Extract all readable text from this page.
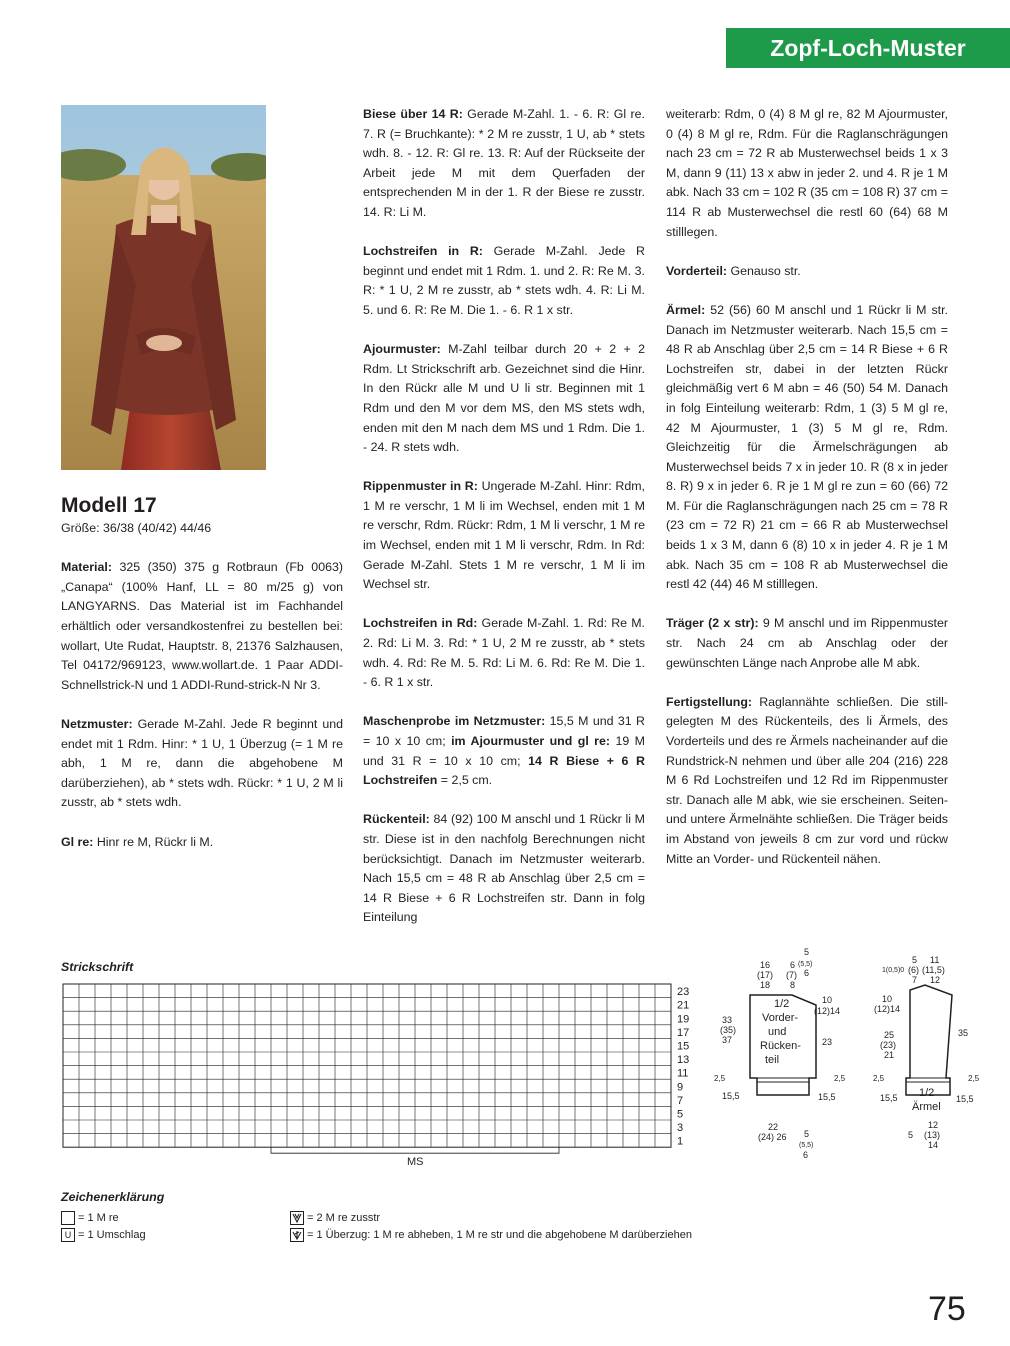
Zopf-Loch-Muster
Modell 17
Größe: 36/38 (40/42) 44/46

Material: 325 (350) 375 g Rotbraun (Fb 0063) „Canapa“ (100% Hanf, LL = 80 m/25 g) von LANGYARNS. Das Material ist im Fachhandel erhältlich oder versandkostenfrei zu bestellen bei: wollart, Ute Rudat, Hauptstr. 8, 21376 Salzhausen, Tel 04172/969123, www.wollart.de. 1 Paar ADDI-Schnellstrick-N und 1 ADDI-Rund-strick-N Nr 3.

Netzmuster: Gerade M-Zahl. Jede R beginnt und endet mit 1 Rdm. Hinr: * 1 U, 1 Überzug (= 1 M re abh, 1 M re, dann die abgehobene M darüberziehen), ab * stets wdh. Rückr: * 1 U, 2 M li zusstr, ab * stets wdh.

Gl re: Hinr re M, Rückr li M.

Biese über 14 R: Gerade M-Zahl. 1. - 6. R: Gl re. 7. R (= Bruchkante): * 2 M re zusstr, 1 U, ab * stets wdh. 8. - 12. R: Gl re. 13. R: Auf der Rückseite der Arbeit jede M mit dem Querfaden der entsprechenden M in der 1. R der Biese re zusstr. 14. R: Li M.

Lochstreifen in R: Gerade M-Zahl. Jede R beginnt und endet mit 1 Rdm. 1. und 2. R: Re M. 3. R: * 1 U, 2 M re zusstr, ab * stets wdh. 4. R: Li M. 5. und 6. R: Re M. Die 1. - 6. R 1 x str.

Ajourmuster: M-Zahl teilbar durch 20 + 2 + 2 Rdm. Lt Strickschrift arb. Gezeichnet sind die Hinr. In den Rückr alle M und U li str. Beginnen mit 1 Rdm und den M vor dem MS, den MS stets wdh, enden mit den M nach dem MS und 1 Rdm. Die 1. - 24. R stets wdh.

Rippenmuster in R: Ungerade M-Zahl. Hinr: Rdm, 1 M re verschr, 1 M li im Wechsel, enden mit 1 M re verschr, Rdm. Rückr: Rdm, 1 M li verschr, 1 M re im Wechsel, enden mit 1 M li verschr, Rdm. In Rd: Gerade M-Zahl. Stets 1 M re verschr, 1 M li im Wechsel str.

Lochstreifen in Rd: Gerade M-Zahl. 1. Rd: Re M. 2. Rd: Li M. 3. Rd: * 1 U, 2 M re zusstr, ab * stets wdh. 4. Rd: Re M. 5. Rd: Li M. 6. Rd: Re M. Die 1. - 6. R 1 x str.

Maschenprobe im Netzmuster: 15,5 M und 31 R = 10 x 10 cm; im Ajourmuster und gl re: 19 M und 31 R = 10 x 10 cm; 14 R Biese + 6 R Lochstreifen = 2,5 cm.

Rückenteil: 84 (92) 100 M anschl und 1 Rückr li M str. Diese ist in den nachfolg Berechnungen nicht berücksichtigt. Danach im Netzmuster weiterarb. Nach 15,5 cm = 48 R ab Anschlag über 2,5 cm = 14 R Biese + 6 R Lochstreifen str. Dann in folg Einteilung

weiterarb: Rdm, 0 (4) 8 M gl re, 82 M Ajourmuster, 0 (4) 8 M gl re, Rdm. Für die Raglanschrägungen nach 23 cm = 72 R ab Musterwechsel beids 1 x 3 M, dann 9 (11) 13 x abw in jeder 2. und 4. R je 1 M abk. Nach 33 cm = 102 R (35 cm = 108 R) 37 cm = 114 R ab Musterwechsel die restl 60 (64) 68 M stilllegen.

Vorderteil: Genauso str.

Ärmel: 52 (56) 60 M anschl und 1 Rückr li M str. Danach im Netzmuster weiterarb. Nach 15,5 cm = 48 R ab Anschlag über 2,5 cm = 14 R Biese + 6 R Lochstreifen str, dabei in der letzten Rückr gleichmäßig vert 6 M abn = 46 (50) 54 M. Danach in folg Einteilung weiterarb: Rdm, 1 (3) 5 M gl re, 42 M Ajourmuster, 1 (3) 5 M gl re, Rdm. Gleichzeitig für die Ärmelschrägungen ab Musterwechsel beids 7 x in jeder 10. R (8 x in jeder 8. R) 9 x in jeder 6. R je 1 M gl re zun = 60 (66) 72 M. Für die Raglanschrägungen nach 25 cm = 78 R (23 cm = 72 R) 21 cm = 66 R ab Musterwechsel beids 1 x 3 M, dann 6 (8) 10 x in jeder 4. R je 1 M abk. Nach 35 cm = 108 R ab Musterwechsel die restl 42 (44) 46 M stilllegen.

Träger (2 x str): 9 M anschl und im Rippenmuster str. Nach 24 cm ab Anschlag oder der gewünschten Länge nach Anprobe alle M abk.

Fertigstellung: Raglannähte schließen. Die still-gelegten M des Rückenteils, des li Ärmels, des Vorderteils und des re Ärmels nacheinander auf die Rundstrick-N nehmen und über alle 204 (216) 228 M 6 Rd Lochstreifen und 12 Rd im Rippenmuster str. Danach alle M abk, wie sie erscheinen. Seiten- und untere Ärmelnähte schließen. Die Träger beids im Abstand von jeweils 8 cm zur vord und rückw Mitte an Vorder- und Rückenteil nähen.

Strickschrift
23
21
19
17
15
13
11
9
7
5
3
1
MS
Zeichenerklärung
= 1 M re
U = 1 Umschlag
= 2 M re zusstr
= 1 Überzug: 1 M re abheben, 1 M re str und die abgehobene M darüberziehen
1/2
Vorder-
und
Rücken-
teil
16
(17)
18
6
(7)
8
5
(5,5)
6
10
(12)14
33
(35)
37	23
2,5	2,5
15,5	15,5
22
(24) 26 5
(5,5)
6
1/2
Ärmel
1(0,5)0
5
(6)
7
11
(11,5)
12
10
(12)14
25
(23)
21
35
2,5	2,5
15,5	15,5
12
(13)
14
5
75
